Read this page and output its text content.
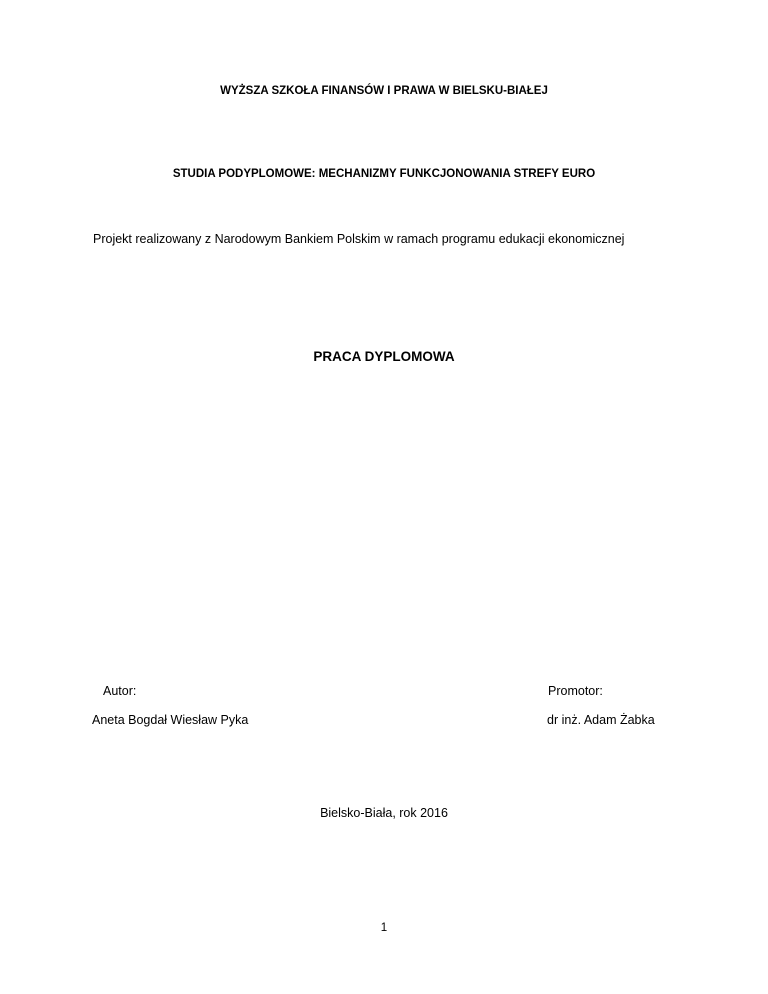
WYŻSZA SZKOŁA FINANSÓW I PRAWA W BIELSKU-BIAŁEJ
STUDIA PODYPLOMOWE: MECHANIZMY FUNKCJONOWANIA STREFY EURO
Projekt realizowany z Narodowym Bankiem Polskim w ramach programu edukacji ekonomicznej
PRACA DYPLOMOWA
Autor:	Promotor:
Aneta Bogdał Wiesław Pyka	dr inż. Adam Żabka
Bielsko-Biała, rok 2016
1
